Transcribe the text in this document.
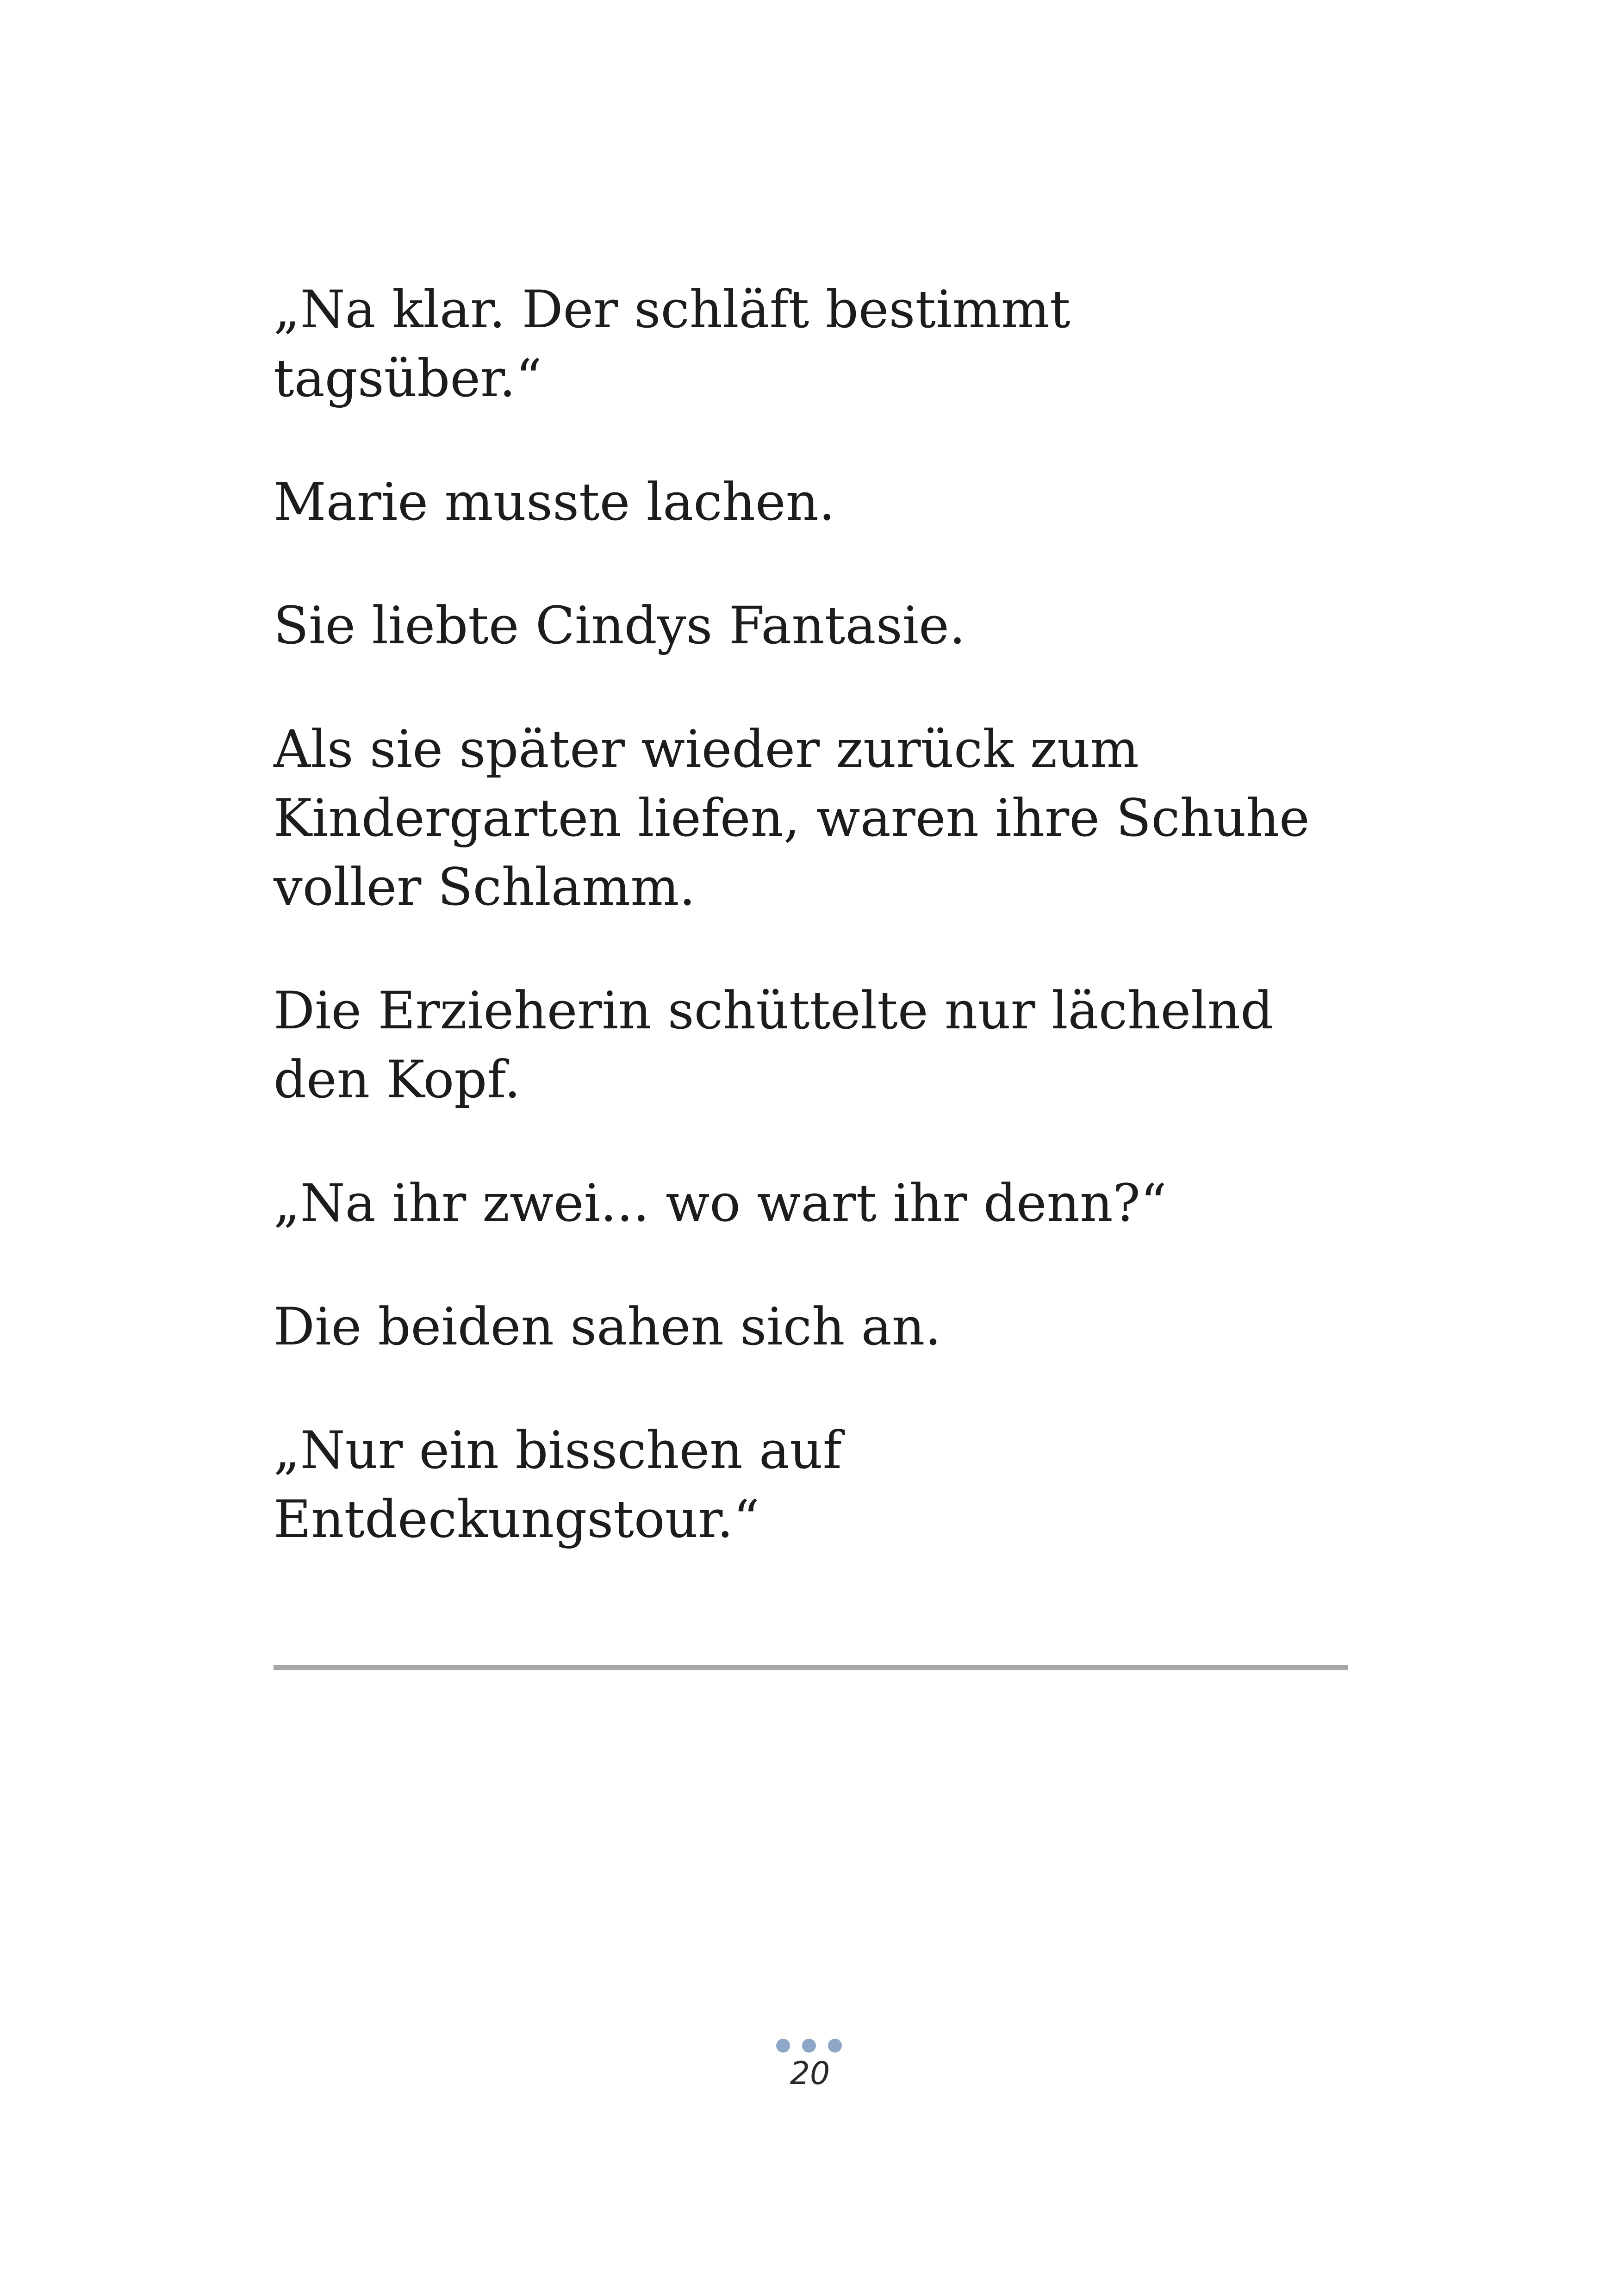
„Na klar. Der schläft bestimmt
tagsüber.“

Marie musste lachen.

Sie liebte Cindys Fantasie.

Als sie später wieder zurück zum
Kindergarten liefen, waren ihre Schuhe
voller Schlamm.

Die Erzieherin schüttelte nur lächelnd
den Kopf.

„Na ihr zwei... wo wart ihr denn?“

Die beiden sahen sich an.

„Nur ein bisschen auf
Entdeckungstour.“

20
